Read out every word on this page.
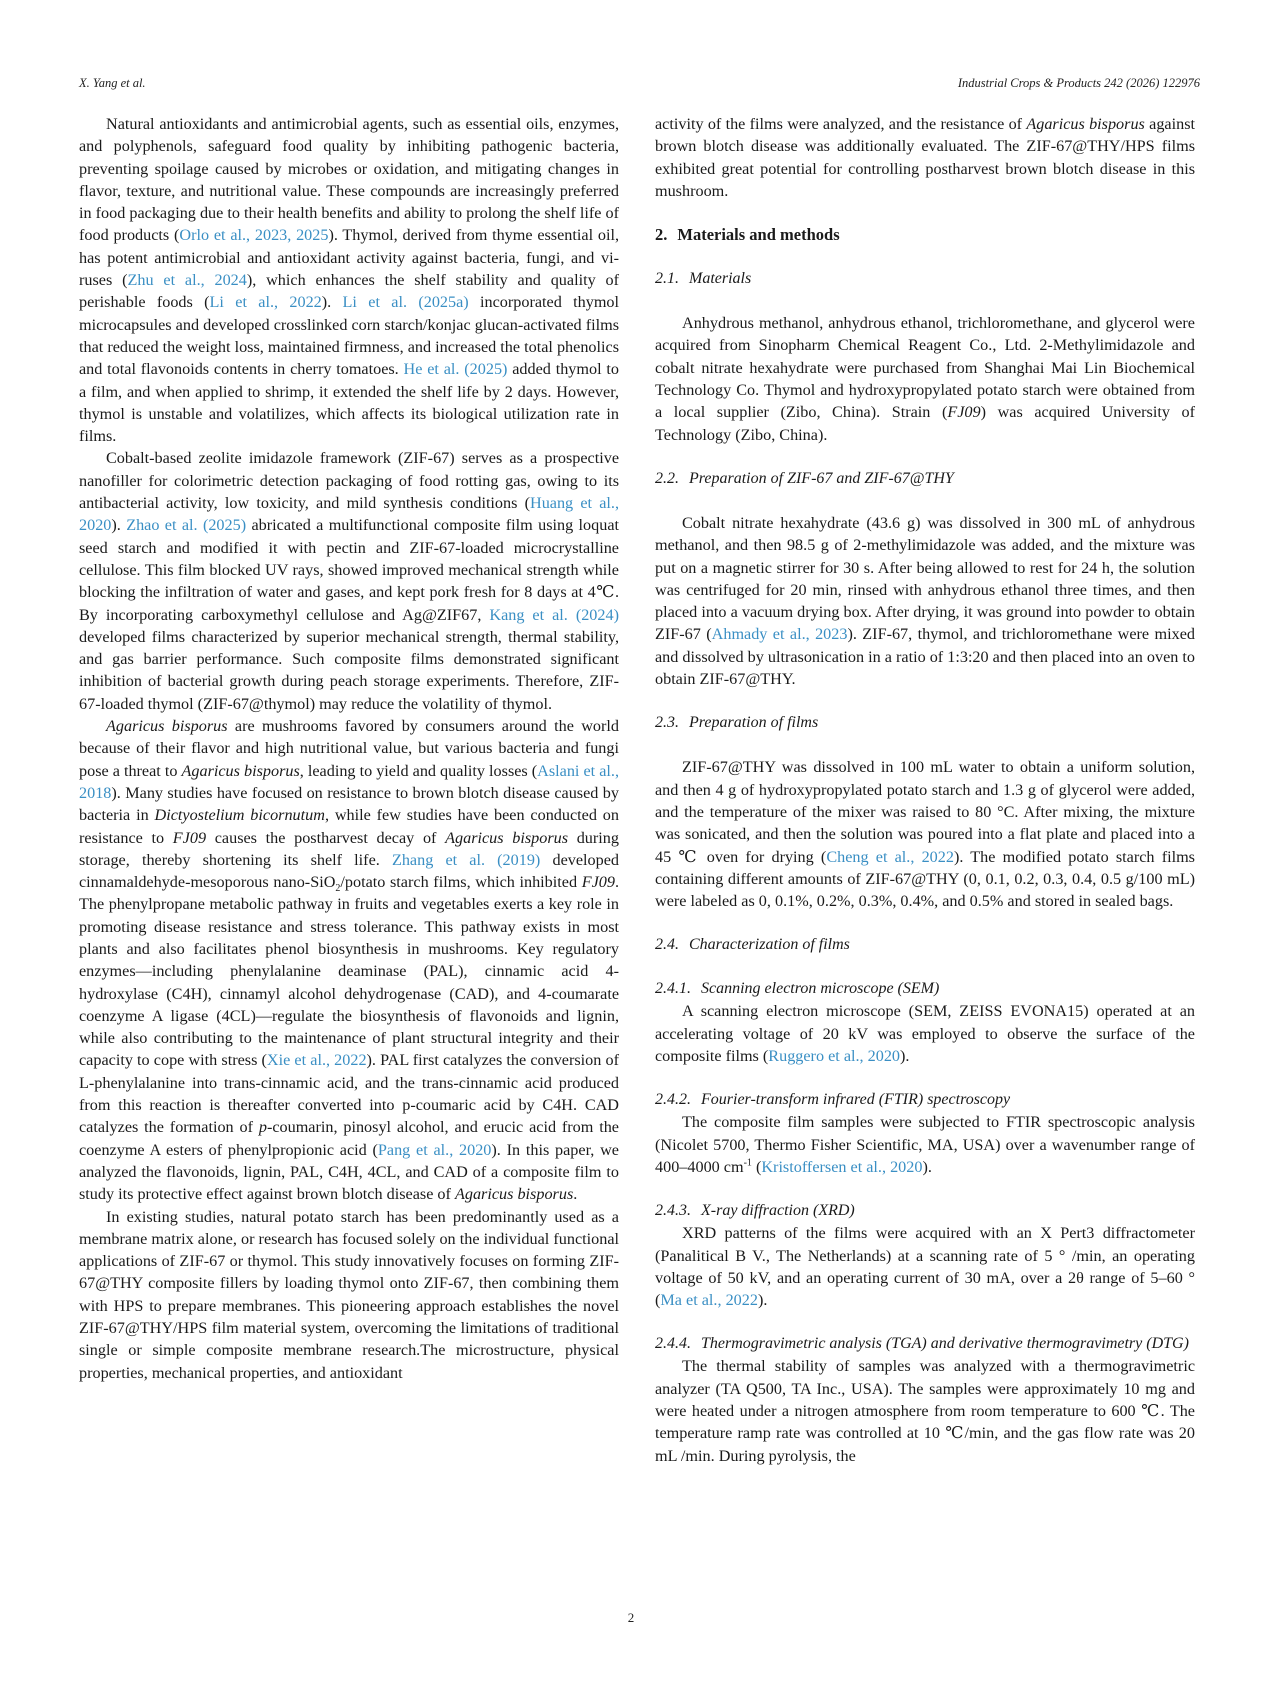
X. Yang et al.	Industrial Crops & Products 242 (2026) 122976

Natural antioxidants and antimicrobial agents, such as essential oils, enzymes, and polyphenols, safeguard food quality by inhibiting pathogenic bacteria, preventing spoilage caused by microbes or oxidation, and mitigating changes in flavor, texture, and nutritional value. These compounds are increasingly preferred in food packaging due to their health benefits and ability to prolong the shelf life of food products (Orlo et al., 2023, 2025). Thymol, derived from thyme essential oil, has potent antimicrobial and antioxidant activity against bacteria, fungi, and viruses (Zhu et al., 2024), which enhances the shelf stability and quality of perishable foods (Li et al., 2022). Li et al. (2025a) incorporated thymol microcapsules and developed crosslinked corn starch/konjac glucan-activated films that reduced the weight loss, maintained firmness, and increased the total phenolics and total flavonoids contents in cherry tomatoes. He et al. (2025) added thymol to a film, and when applied to shrimp, it extended the shelf life by 2 days. However, thymol is unstable and volatilizes, which affects its biological utilization rate in films.

Cobalt-based zeolite imidazole framework (ZIF-67) serves as a prospective nanofiller for colorimetric detection packaging of food rotting gas, owing to its antibacterial activity, low toxicity, and mild synthesis conditions (Huang et al., 2020). Zhao et al. (2025) abricated a multifunctional composite film using loquat seed starch and modified it with pectin and ZIF-67-loaded microcrystalline cellulose. This film blocked UV rays, showed improved mechanical strength while blocking the infiltration of water and gases, and kept pork fresh for 8 days at 4℃. By incorporating carboxymethyl cellulose and Ag@ZIF67, Kang et al. (2024) developed films characterized by superior mechanical strength, thermal stability, and gas barrier performance. Such composite films demonstrated significant inhibition of bacterial growth during peach storage experiments. Therefore, ZIF-67-loaded thymol (ZIF-67@thymol) may reduce the volatility of thymol.

Agaricus bisporus are mushrooms favored by consumers around the world because of their flavor and high nutritional value, but various bacteria and fungi pose a threat to Agaricus bisporus, leading to yield and quality losses (Aslani et al., 2018). Many studies have focused on resistance to brown blotch disease caused by bacteria in Dictyostelium bicornutum, while few studies have been conducted on resistance to FJ09 causes the postharvest decay of Agaricus bisporus during storage, thereby shortening its shelf life. Zhang et al. (2019) developed cinnamaldehyde-mesoporous nano-SiO$_2$/potato starch films, which inhibited FJ09. The phenylpropane metabolic pathway in fruits and vegetables exerts a key role in promoting disease resistance and stress tolerance. This pathway exists in most plants and also facilitates phenol biosynthesis in mushrooms. Key regulatory enzymes—including phenylalanine deaminase (PAL), cinnamic acid 4-hydroxylase (C4H), cinnamyl alcohol dehydrogenase (CAD), and 4-coumarate coenzyme A ligase (4CL)—regulate the biosynthesis of flavonoids and lignin, while also contributing to the maintenance of plant structural integrity and their capacity to cope with stress (Xie et al., 2022). PAL first catalyzes the conversion of L-phenylalanine into trans-cinnamic acid, and the trans-cinnamic acid produced from this reaction is thereafter converted into p-coumaric acid by C4H. CAD catalyzes the formation of p-coumarin, pinosyl alcohol, and erucic acid from the coenzyme A esters of phenylpropionic acid (Pang et al., 2020). In this paper, we analyzed the flavonoids, lignin, PAL, C4H, 4CL, and CAD of a composite film to study its protective effect against brown blotch disease of Agaricus bisporus.

In existing studies, natural potato starch has been predominantly used as a membrane matrix alone, or research has focused solely on the individual functional applications of ZIF-67 or thymol. This study innovatively focuses on forming ZIF-67@THY composite fillers by loading thymol onto ZIF-67, then combining them with HPS to prepare membranes. This pioneering approach establishes the novel ZIF-67@THY/HPS film material system, overcoming the limitations of traditional single or simple composite membrane research.The microstructure, physical properties, mechanical properties, and antioxidant

activity of the films were analyzed, and the resistance of Agaricus bisporus against brown blotch disease was additionally evaluated. The ZIF-67@THY/HPS films exhibited great potential for controlling postharvest brown blotch disease in this mushroom.

2. Materials and methods
2.1. Materials

Anhydrous methanol, anhydrous ethanol, trichloromethane, and glycerol were acquired from Sinopharm Chemical Reagent Co., Ltd. 2-Methylimidazole and cobalt nitrate hexahydrate were purchased from Shanghai Mai Lin Biochemical Technology Co. Thymol and hydroxypropylated potato starch were obtained from a local supplier (Zibo, China). Strain (FJ09) was acquired University of Technology (Zibo, China).

2.2. Preparation of ZIF-67 and ZIF-67@THY

Cobalt nitrate hexahydrate (43.6 g) was dissolved in 300 mL of anhydrous methanol, and then 98.5 g of 2-methylimidazole was added, and the mixture was put on a magnetic stirrer for 30 s. After being allowed to rest for 24 h, the solution was centrifuged for 20 min, rinsed with anhydrous ethanol three times, and then placed into a vacuum drying box. After drying, it was ground into powder to obtain ZIF-67 (Ahmady et al., 2023). ZIF-67, thymol, and trichloromethane were mixed and dissolved by ultrasonication in a ratio of 1:3:20 and then placed into an oven to obtain ZIF-67@THY.

2.3. Preparation of films

ZIF-67@THY was dissolved in 100 mL water to obtain a uniform solution, and then 4 g of hydroxypropylated potato starch and 1.3 g of glycerol were added, and the temperature of the mixer was raised to 80 °C. After mixing, the mixture was sonicated, and then the solution was poured into a flat plate and placed into a 45 ℃ oven for drying (Cheng et al., 2022). The modified potato starch films containing different amounts of ZIF-67@THY (0, 0.1, 0.2, 0.3, 0.4, 0.5 g/100 mL) were labeled as 0, 0.1%, 0.2%, 0.3%, 0.4%, and 0.5% and stored in sealed bags.

2.4. Characterization of films
2.4.1. Scanning electron microscope (SEM)

A scanning electron microscope (SEM, ZEISS EVONA15) operated at an accelerating voltage of 20 kV was employed to observe the surface of the composite films (Ruggero et al., 2020).

2.4.2. Fourier-transform infrared (FTIR) spectroscopy

The composite film samples were subjected to FTIR spectroscopic analysis (Nicolet 5700, Thermo Fisher Scientific, MA, USA) over a wavenumber range of 400–4000 $cm^{-1}$ (Kristoffersen et al., 2020).

2.4.3. X-ray diffraction (XRD)

XRD patterns of the films were acquired with an X Pert3 diffractometer (Panalitical B V., The Netherlands) at a scanning rate of 5 ° /min, an operating voltage of 50 kV, and an operating current of 30 mA, over a 2θ range of 5–60 ° (Ma et al., 2022).

2.4.4. Thermogravimetric analysis (TGA) and derivative thermogravimetry (DTG)

The thermal stability of samples was analyzed with a thermogravimetric analyzer (TA Q500, TA Inc., USA). The samples were approximately 10 mg and were heated under a nitrogen atmosphere from room temperature to 600 ℃. The temperature ramp rate was controlled at 10 ℃/min, and the gas flow rate was 20 mL /min. During pyrolysis, the

2
